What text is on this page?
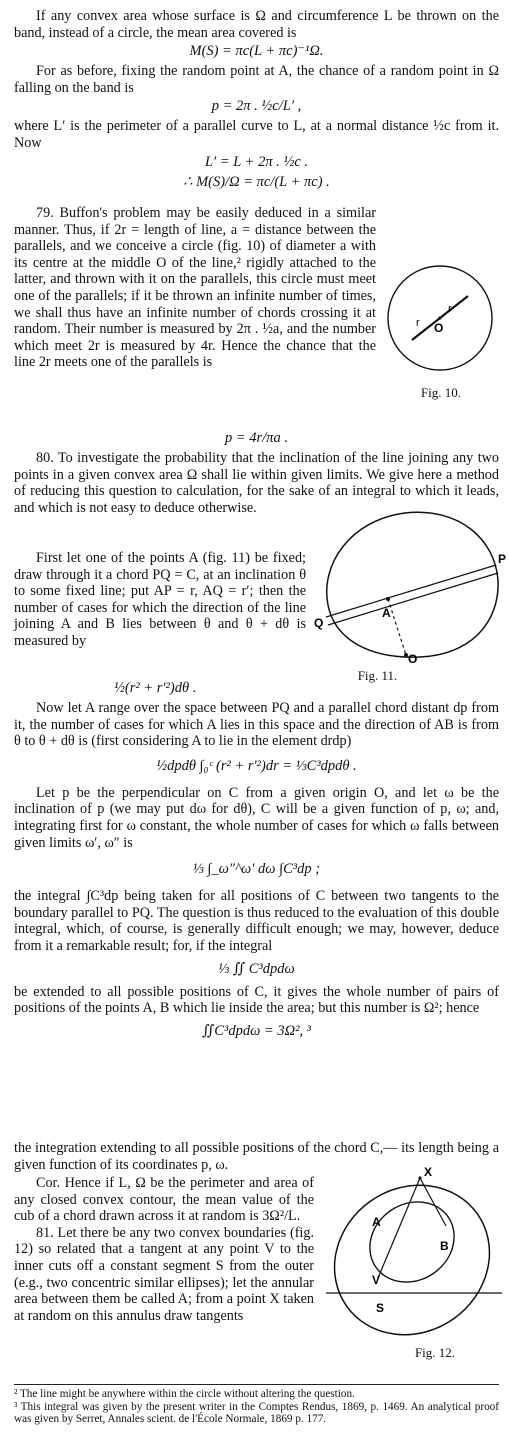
If any convex area whose surface is Ω and circumference L be thrown on the band, instead of a circle, the mean area covered is

M(S) = πc(L + πc)⁻¹Ω.

For as before, fixing the random point at A, the chance of a random point in Ω falling on the band is

p = 2π . ½c/L′ ,

where L′ is the perimeter of a parallel curve to L, at a normal distance ½c from it. Now

L′ = L + 2π . ½c .
∴ M(S)/Ω = πc/(L + πc) .

79. Buffon's problem may be easily deduced in a similar manner. Thus, if 2r = length of line, a = distance between the parallels, and we conceive a circle (fig. 10) of diameter a with its centre at the middle O of the line,² rigidly attached to the latter, and thrown with it on the parallels, this circle must meet one of the parallels; if it be thrown an infinite number of times, we shall thus have an infinite number of chords crossing it at random. Their number is measured by 2π . ½a, and the number which meet 2r is measured by 4r. Hence the chance that the line 2r meets one of the parallels is

p = 4r/πa .
r
r O
Fig. 10.

80. To investigate the probability that the inclination of the line joining any two points in a given convex area Ω shall lie within given limits. We give here a method of reducing this question to calculation, for the sake of an integral to which it leads, and which is not easy to deduce otherwise.

First let one of the points A (fig. 11) be fixed; draw through it a chord PQ = C, at an inclination θ to some fixed line; put AP = r, AQ = r′; then the number of cases for which the direction of the line joining A and B lies between θ and θ + dθ is measured by

P
Q
A
O
Fig. 11.
½(r² + r′²)dθ .

Now let A range over the space between PQ and a parallel chord distant dp from it, the number of cases for which A lies in this space and the direction of AB is from θ to θ + dθ is (first considering A to lie in the element drdp)

½dpdθ ∫₀ᶜ (r² + r′²)dr = ⅓C³dpdθ .

Let p be the perpendicular on C from a given origin O, and let ω be the inclination of p (we may put dω for dθ), C will be a given function of p, ω; and, integrating first for ω constant, the whole number of cases for which ω falls between given limits ω′, ω″ is

⅓ ∫_ω″^ω′ dω ∫C³dp ;

the integral ∫C³dp being taken for all positions of C between two tangents to the boundary parallel to PQ. The question is thus reduced to the evaluation of this double integral, which, of course, is generally difficult enough; we may, however, deduce from it a remarkable result; for, if the integral

⅓ ∬ C³dpdω

be extended to all possible positions of C, it gives the whole number of pairs of positions of the points A, B which lie inside the area; but this number is Ω²; hence

∬C³dpdω = 3Ω², ³

the integration extending to all possible positions of the chord C,— its length being a given function of its coordinates p, ω.

Cor. Hence if L, Ω be the perimeter and area of any closed convex contour, the mean value of the cub of a chord drawn across it at random is 3Ω²/L.

81. Let there be any two convex boundaries (fig. 12) so related that a tangent at any point V to the inner cuts off a constant segment S from the outer (e.g., two concentric similar ellipses); let the annular area between them be called A; from a point X taken at random on this annulus draw tangents

X
A
B
V
S
Fig. 12.
² The line might be anywhere within the circle without altering the question.
³ This integral was given by the present writer in the Comptes Rendus, 1869, p. 1469. An analytical proof was given by Serret, Annales scient. de l'École Normale, 1869 p. 177.
